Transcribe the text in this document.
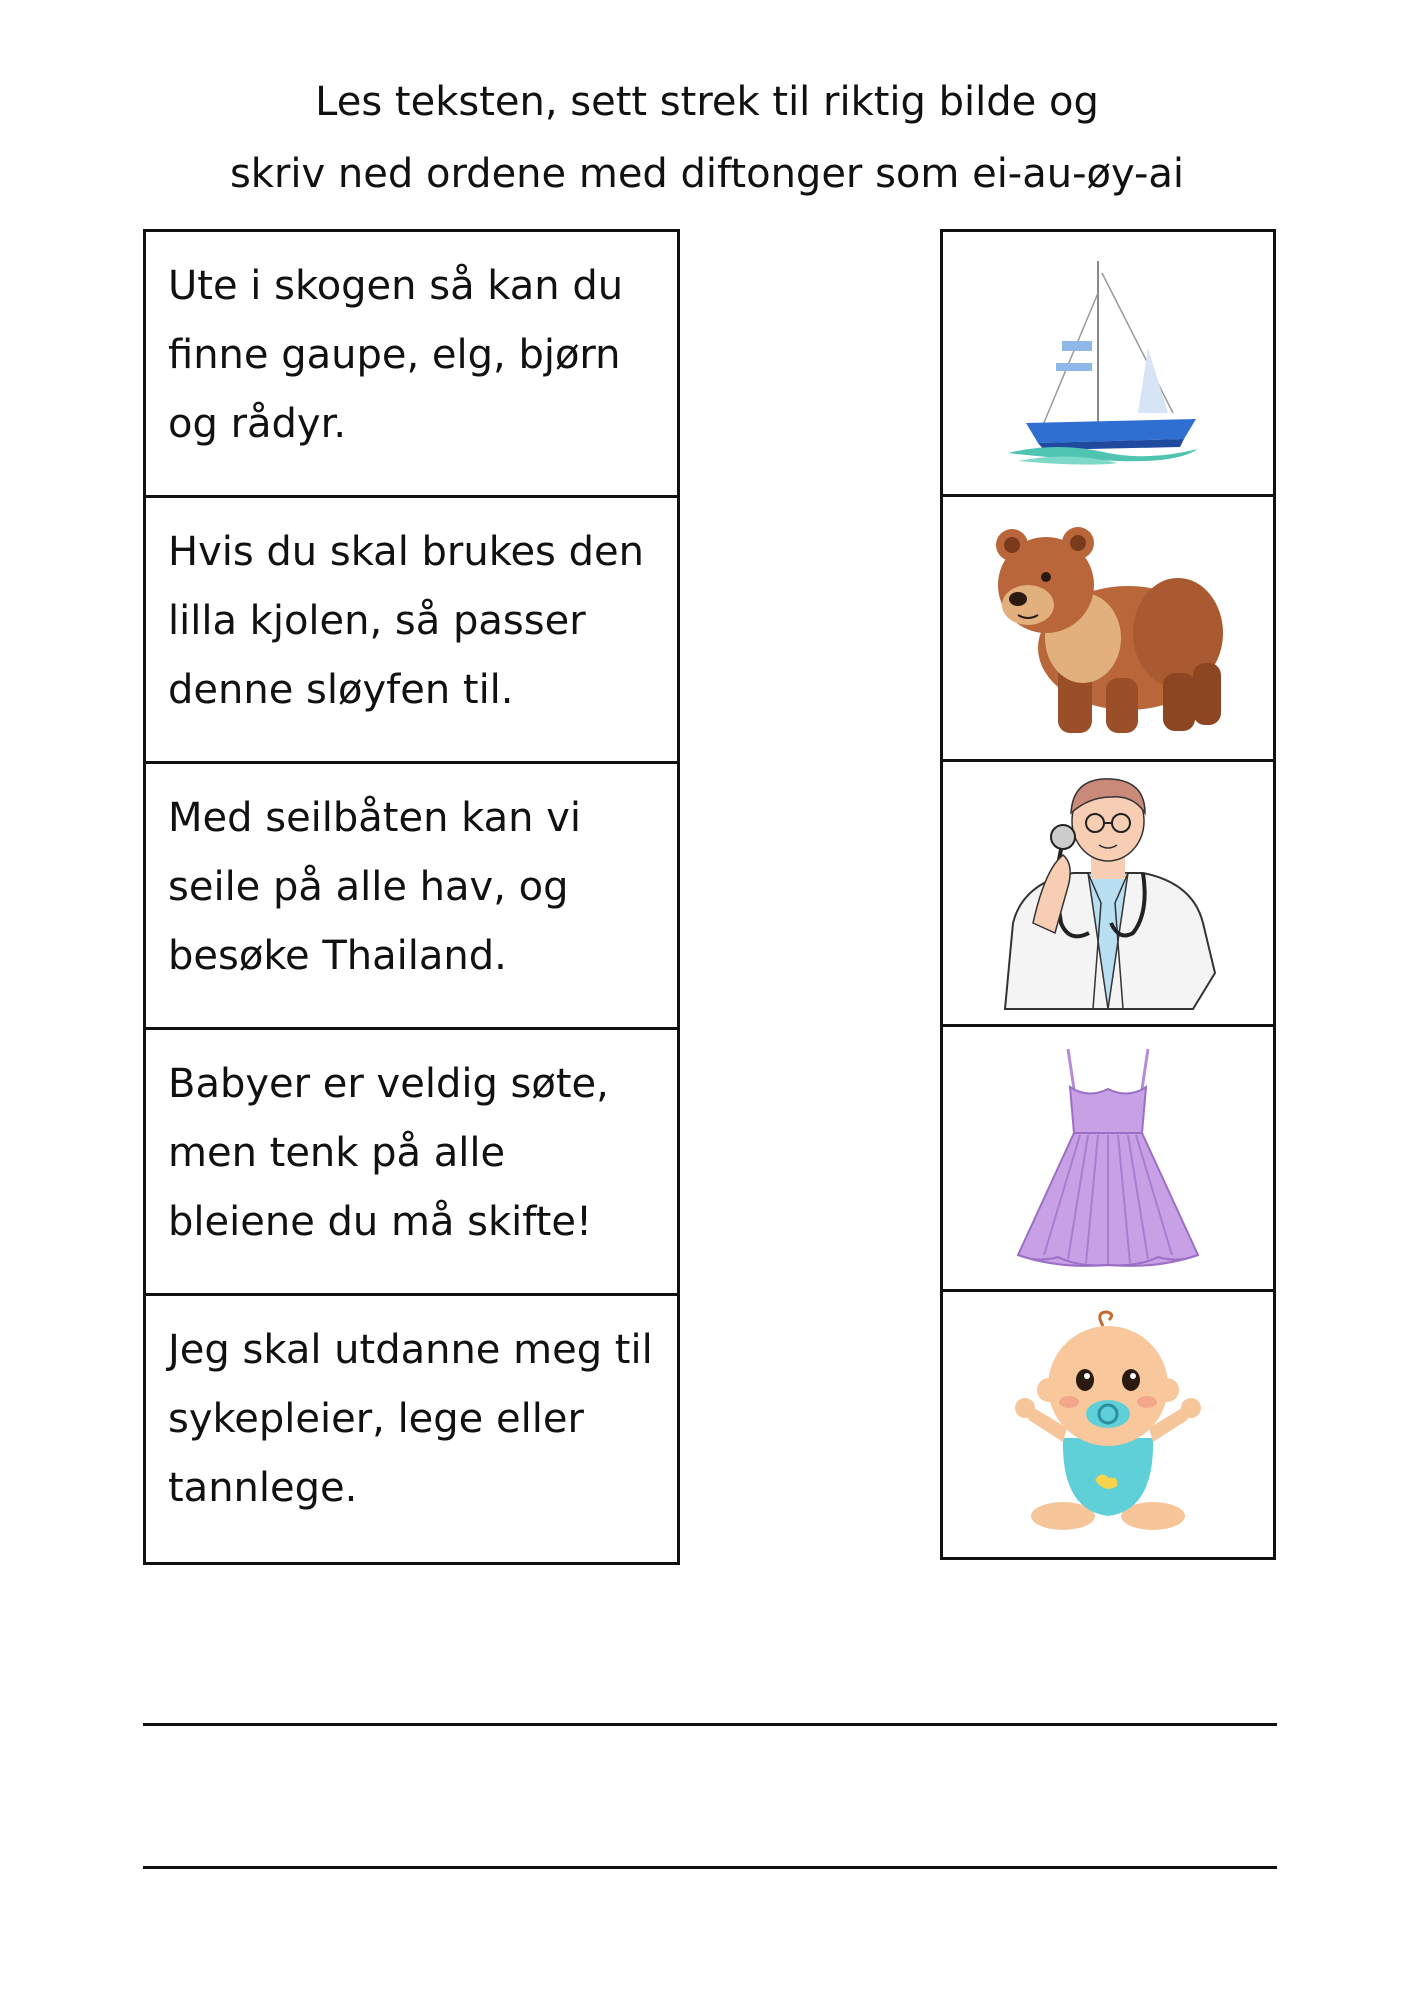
Les teksten, sett strek til riktig bilde og
skriv ned ordene med diftonger som ei-au-øy-ai
Ute i skogen så kan du
finne gaupe, elg, bjørn
og rådyr.
Hvis du skal brukes den
lilla kjolen, så passer
denne sløyfen til.
Med seilbåten kan vi
seile på alle hav, og
besøke Thailand.
Babyer er veldig søte,
men tenk på alle
bleiene du må skifte!
Jeg skal utdanne meg til
sykepleier, lege eller
tannlege.
